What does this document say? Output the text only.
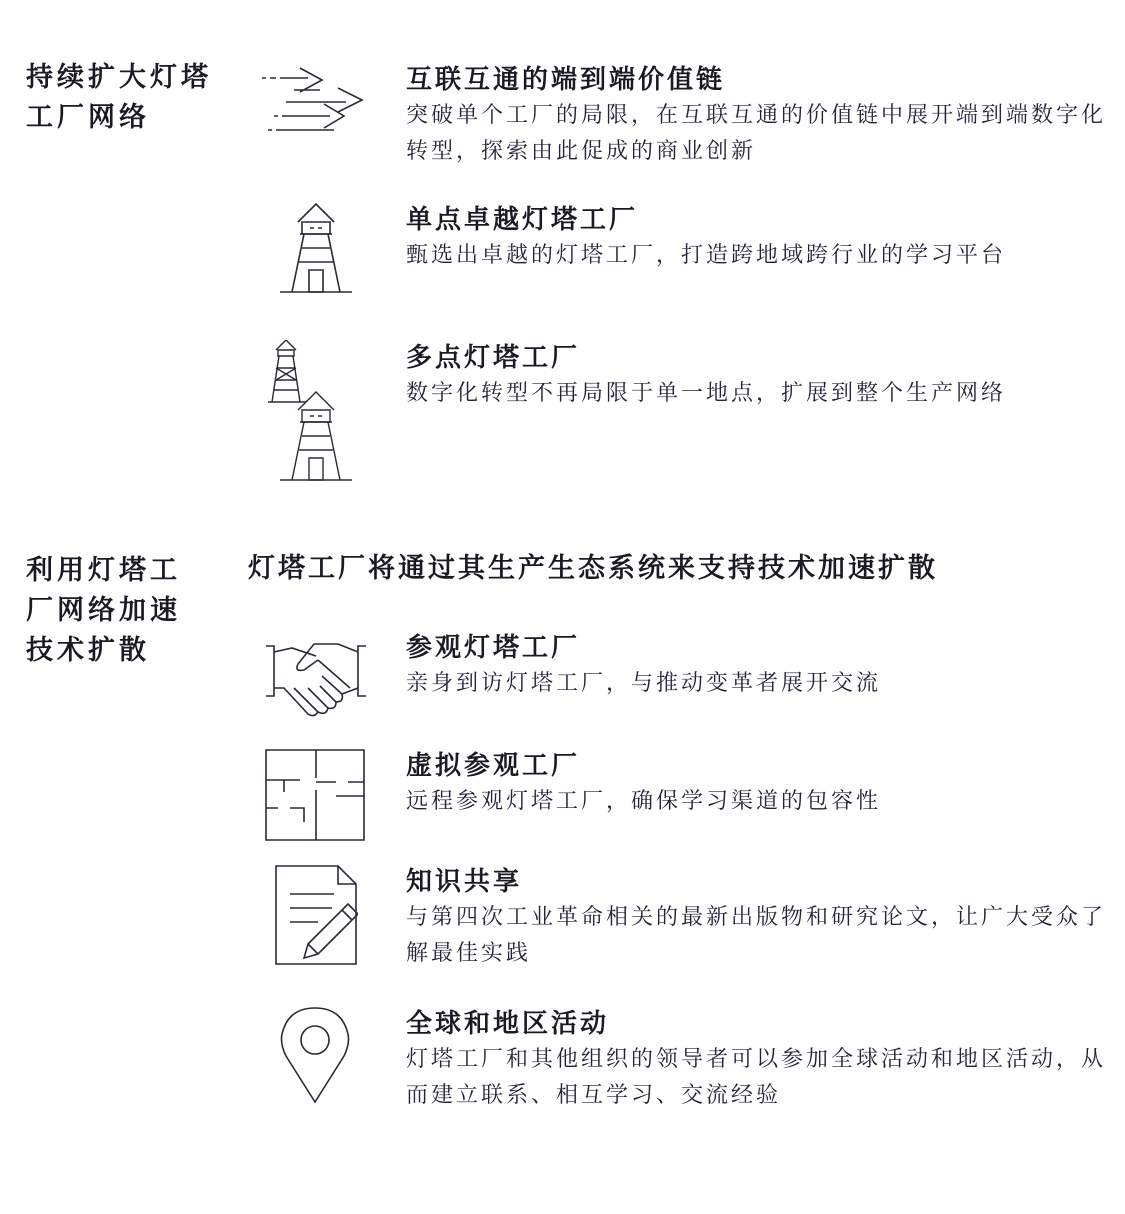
持续扩大灯塔工厂网络
互联互通的端到端价值链
突破单个工厂的局限，在互联互通的价值链中展开端到端数字化转型，探索由此促成的商业创新
单点卓越灯塔工厂
甄选出卓越的灯塔工厂，打造跨地域跨行业的学习平台
多点灯塔工厂
数字化转型不再局限于单一地点，扩展到整个生产网络
利用灯塔工厂网络加速技术扩散
灯塔工厂将通过其生产生态系统来支持技术加速扩散
参观灯塔工厂
亲身到访灯塔工厂，与推动变革者展开交流
虚拟参观工厂
远程参观灯塔工厂，确保学习渠道的包容性
知识共享
与第四次工业革命相关的最新出版物和研究论文，让广大受众了解最佳实践
全球和地区活动
灯塔工厂和其他组织的领导者可以参加全球活动和地区活动，从而建立联系、相互学习、交流经验
